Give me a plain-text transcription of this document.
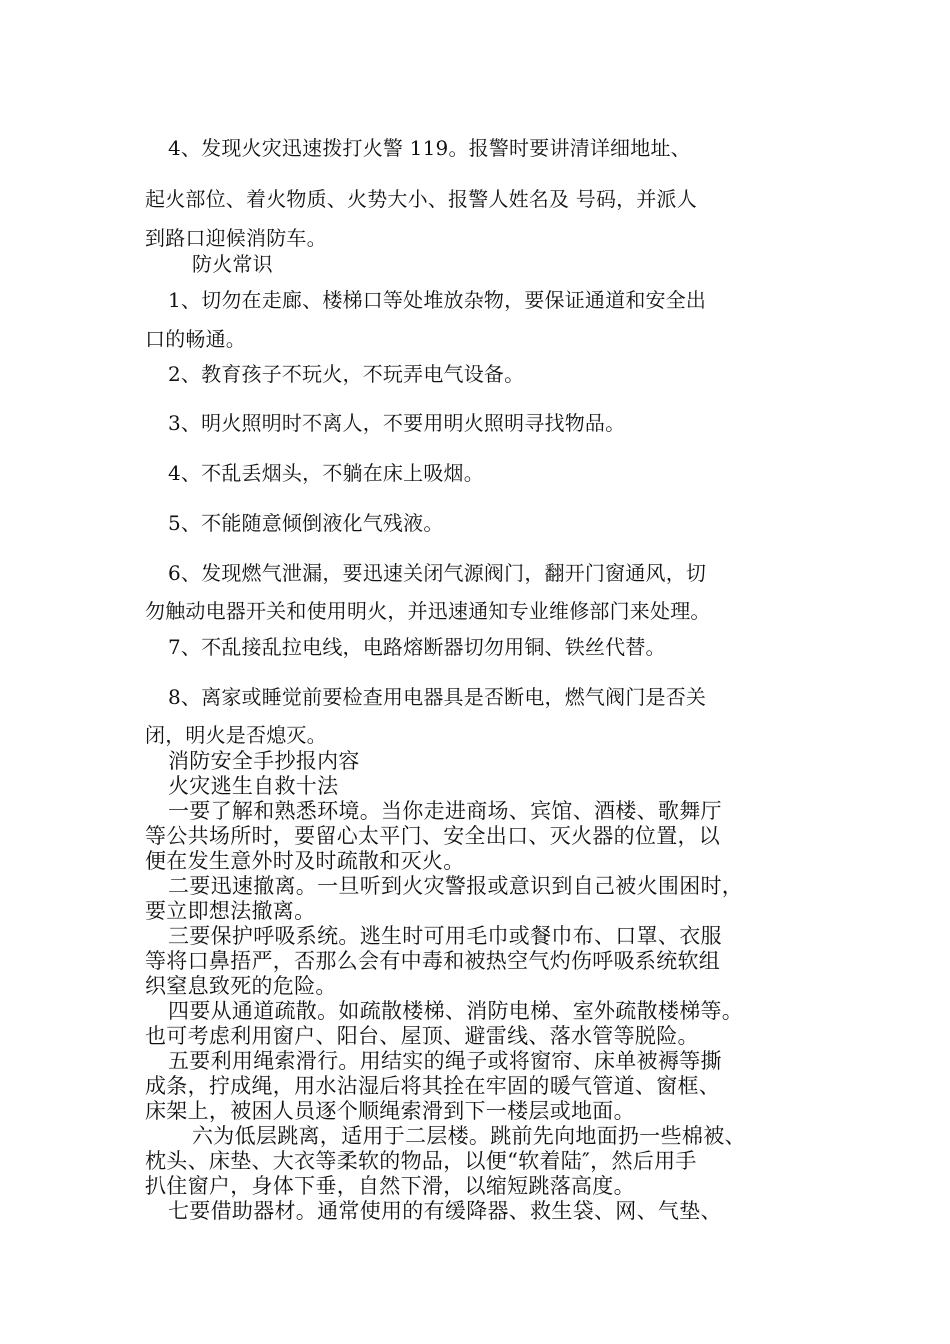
4、发现火灾迅速拨打火警 119。报警时要讲清详细地址、
起火部位、着火物质、火势大小、报警人姓名及 号码，并派人
到路口迎候消防车。
防火常识
1、切勿在走廊、楼梯口等处堆放杂物，要保证通道和安全出
口的畅通。
2、教育孩子不玩火，不玩弄电气设备。
3、明火照明时不离人，不要用明火照明寻找物品。
4、不乱丢烟头，不躺在床上吸烟。
5、不能随意倾倒液化气残液。
6、发现燃气泄漏，要迅速关闭气源阀门，翻开门窗通风，切
勿触动电器开关和使用明火，并迅速通知专业维修部门来处理。
7、不乱接乱拉电线，电路熔断器切勿用铜、铁丝代替。
8、离家或睡觉前要检查用电器具是否断电，燃气阀门是否关
闭，明火是否熄灭。
消防安全手抄报内容
火灾逃生自救十法
一要了解和熟悉环境。当你走进商场、宾馆、酒楼、歌舞厅
等公共场所时，要留心太平门、安全出口、灭火器的位置，以
便在发生意外时及时疏散和灭火。
二要迅速撤离。一旦听到火灾警报或意识到自己被火围困时，
要立即想法撤离。
三要保护呼吸系统。逃生时可用毛巾或餐巾布、口罩、衣服
等将口鼻捂严，否那么会有中毒和被热空气灼伤呼吸系统软组
织窒息致死的危险。
四要从通道疏散。如疏散楼梯、消防电梯、室外疏散楼梯等。
也可考虑利用窗户、阳台、屋顶、避雷线、落水管等脱险。
五要利用绳索滑行。用结实的绳子或将窗帘、床单被褥等撕
成条，拧成绳，用水沾湿后将其拴在牢固的暖气管道、窗框、
床架上，被困人员逐个顺绳索滑到下一楼层或地面。
六为低层跳离，适用于二层楼。跳前先向地面扔一些棉被、
枕头、床垫、大衣等柔软的物品，以便“软着陆″，然后用手
扒住窗户，身体下垂，自然下滑，以缩短跳落高度。
七要借助器材。通常使用的有缓降器、救生袋、网、气垫、
